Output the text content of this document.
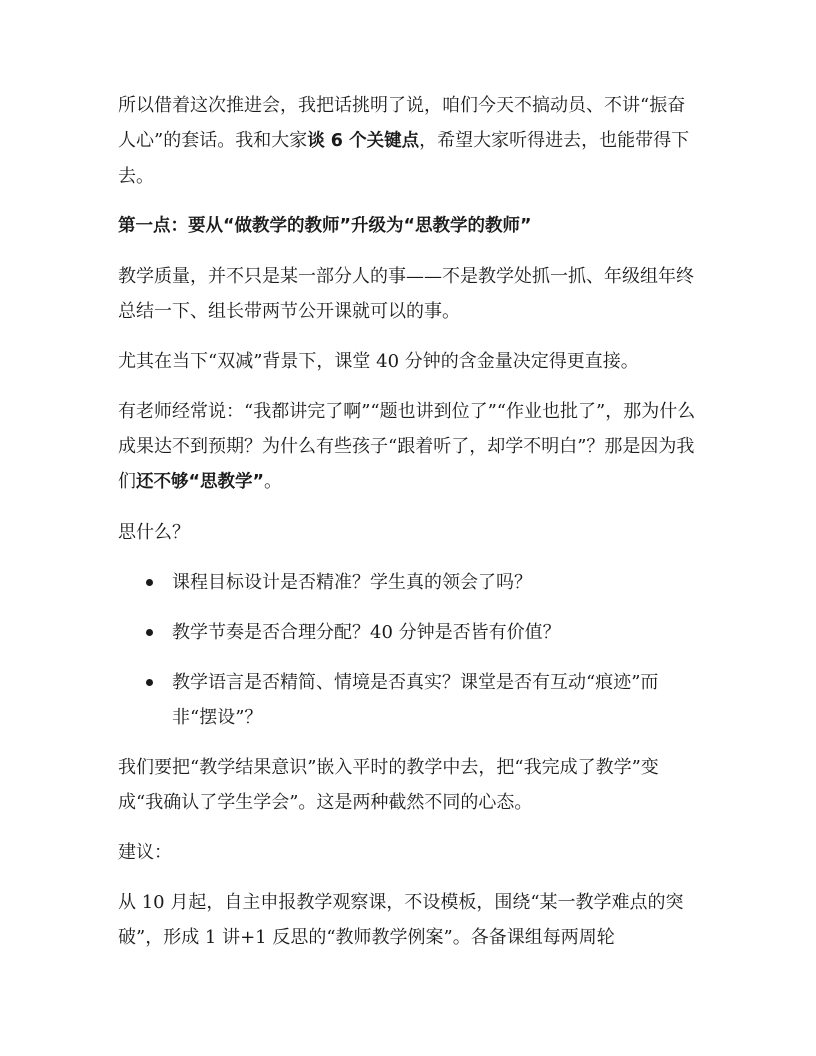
所以借着这次推进会，我把话挑明了说，咱们今天不搞动员、不讲“振奋人心”的套话。我和大家谈 6 个关键点，希望大家听得进去，也能带得下去。

第一点：要从“做教学的教师”升级为“思教学的教师”

教学质量，并不只是某一部分人的事——不是教学处抓一抓、年级组年终总结一下、组长带两节公开课就可以的事。

尤其在当下“双减”背景下，课堂 40 分钟的含金量决定得更直接。

有老师经常说：“我都讲完了啊”“题也讲到位了”“作业也批了”，那为什么成果达不到预期？为什么有些孩子“跟着听了，却学不明白”？那是因为我们还不够“思教学”。

思什么？

课程目标设计是否精准？学生真的领会了吗？
教学节奏是否合理分配？40 分钟是否皆有价值？
教学语言是否精简、情境是否真实？课堂是否有互动“痕迹”而非“摆设”？

我们要把“教学结果意识”嵌入平时的教学中去，把“我完成了教学”变成“我确认了学生学会”。这是两种截然不同的心态。

建议：

从 10 月起，自主申报教学观察课，不设模板，围绕“某一教学难点的突破”，形成 1 讲+1 反思的“教师教学例案”。各备课组每两周轮
